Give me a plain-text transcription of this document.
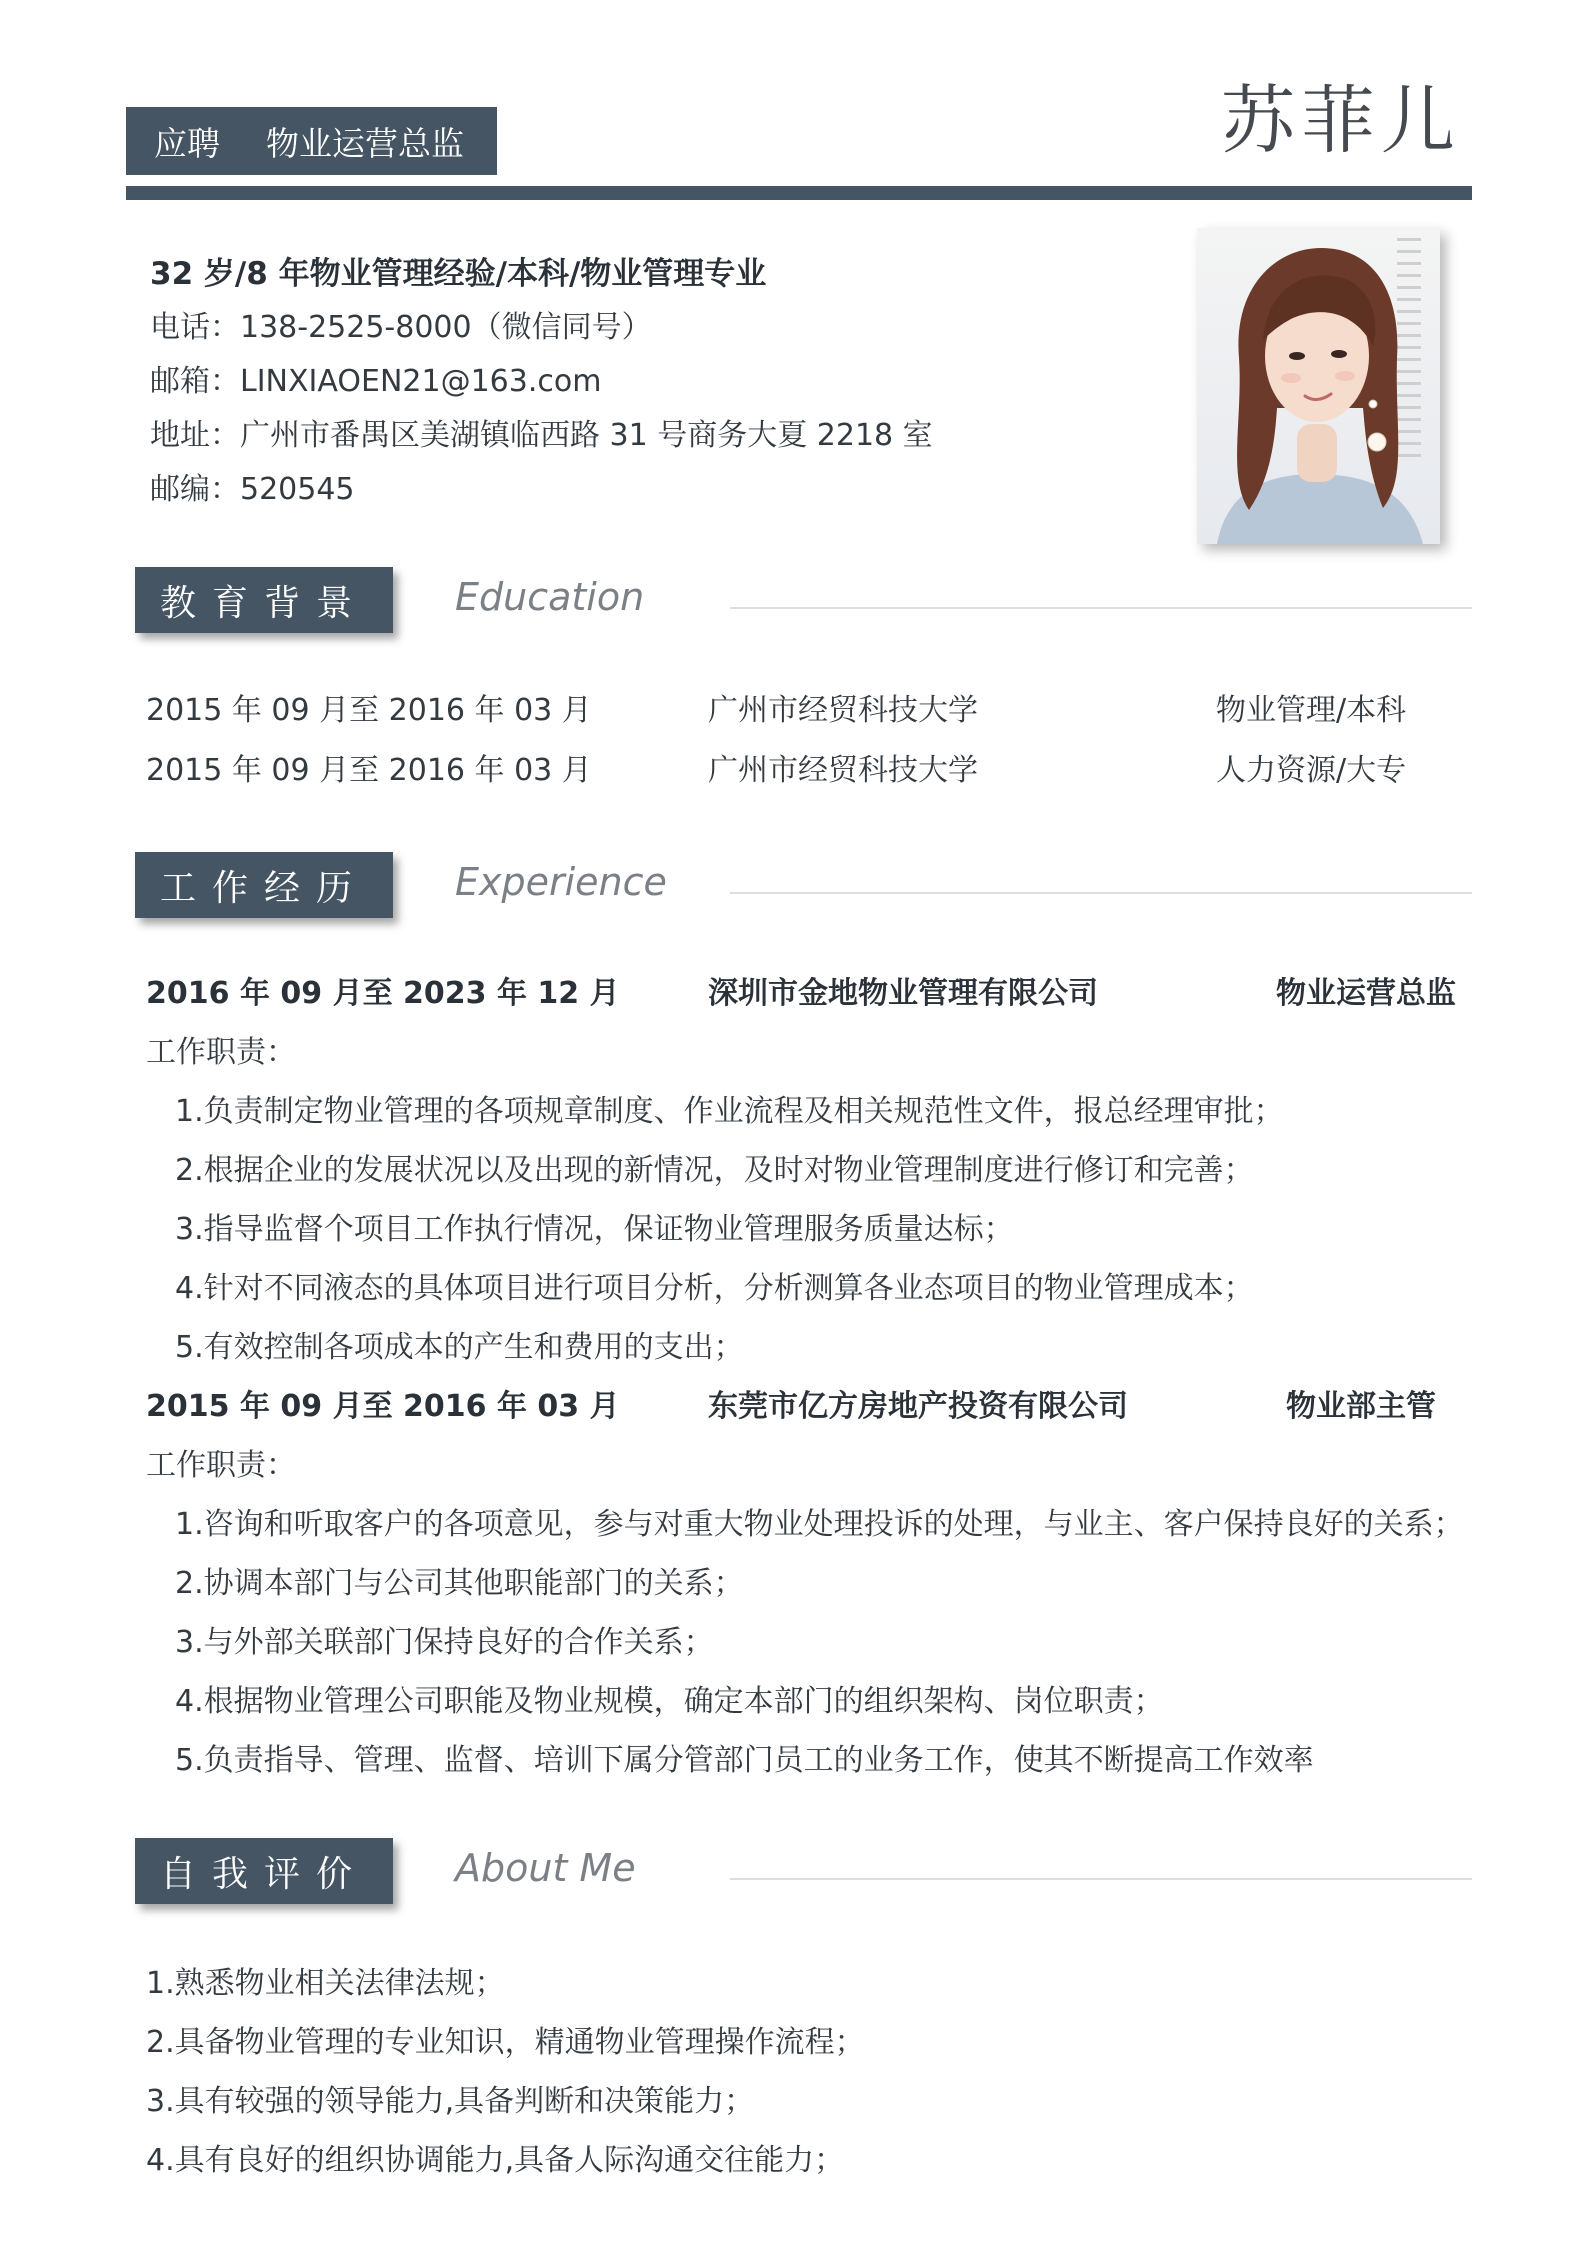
应聘 物业运营总监	苏菲儿
32 岁/8 年物业管理经验/本科/物业管理专业
电话：138-2525-8000（微信同号）
邮箱：LINXIAOEN21@163.com
地址：广州市番禺区美湖镇临西路 31 号商务大夏 2218 室
邮编：520545
教育背景	Education
2015 年 09 月至 2016 年 03 月	广州市经贸科技大学	物业管理/本科
2015 年 09 月至 2016 年 03 月	广州市经贸科技大学	人力资源/大专
工作经历	Experience
2016 年 09 月至 2023 年 12 月	深圳市金地物业管理有限公司	物业运营总监
工作职责：
1.负责制定物业管理的各项规章制度、作业流程及相关规范性文件，报总经理审批；
2.根据企业的发展状况以及出现的新情况，及时对物业管理制度进行修订和完善；
3.指导监督个项目工作执行情况，保证物业管理服务质量达标；
4.针对不同液态的具体项目进行项目分析，分析测算各业态项目的物业管理成本；
5.有效控制各项成本的产生和费用的支出；
2015 年 09 月至 2016 年 03 月	东莞市亿方房地产投资有限公司	物业部主管
工作职责：
1.咨询和听取客户的各项意见，参与对重大物业处理投诉的处理，与业主、客户保持良好的关系；
2.协调本部门与公司其他职能部门的关系；
3.与外部关联部门保持良好的合作关系；
4.根据物业管理公司职能及物业规模，确定本部门的组织架构、岗位职责；
5.负责指导、管理、监督、培训下属分管部门员工的业务工作，使其不断提高工作效率
自我评价	About Me
1.熟悉物业相关法律法规；
2.具备物业管理的专业知识，精通物业管理操作流程；
3.具有较强的领导能力,具备判断和决策能力；
4.具有良好的组织协调能力,具备人际沟通交往能力；
